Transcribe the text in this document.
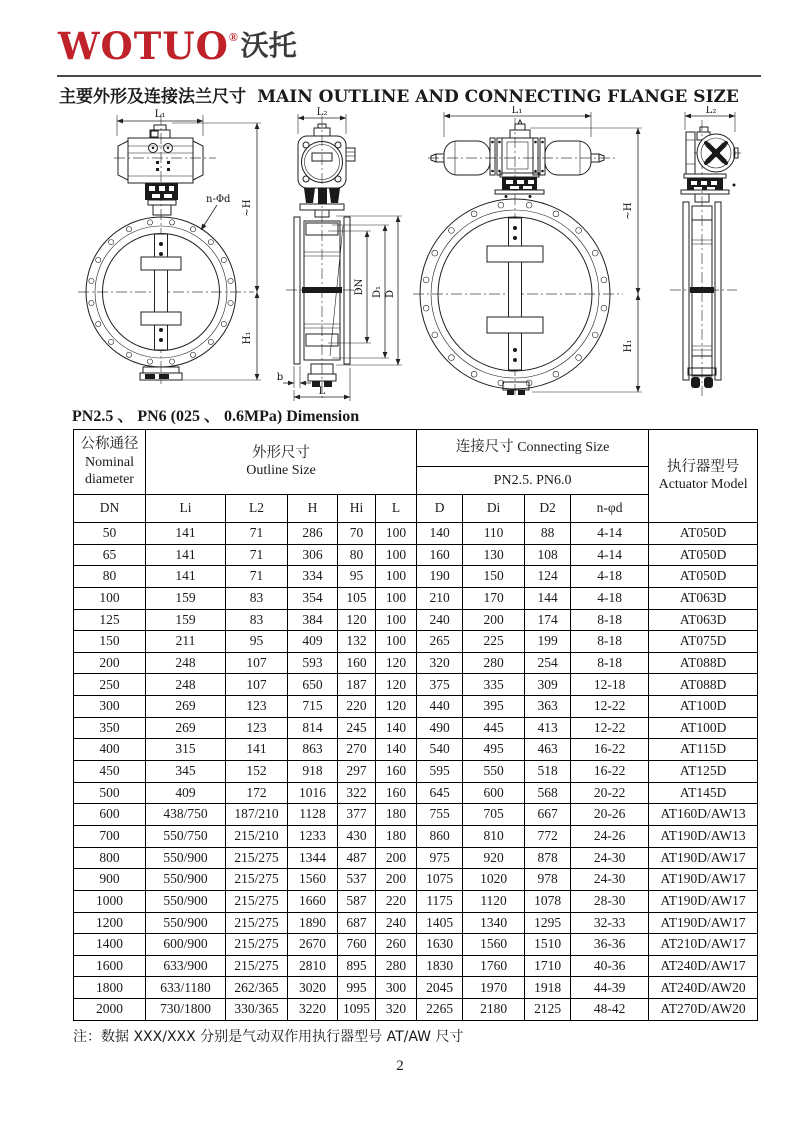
WOTUO® 沃托
主要外形及连接法兰尺寸 MAIN OUTLINE AND CONNECTING FLANGE SIZE
L₁
~H
H₁
n-Φd
L₂
DN D₁ D
b
L
L₁
~H
H₁
L₂
PN2.5 、 PN6 (025 、 0.6MPa) Dimension
公称通径
Nominal
diameter

外形尺寸
Outline Size
	连接尺寸 Connecting Size	
执行器型号
Actuator Model

						PN2.5. PN6.0				
DN	Li	L2	H	Hi	L	D	Di	D2	n-φd	
50	141	71	286	70	100	140	110	88	4-14	AT050D
65	141	71	306	80	100	160	130	108	4-14	AT050D
80	141	71	334	95	100	190	150	124	4-18	AT050D
100	159	83	354	105	100	210	170	144	4-18	AT063D
125	159	83	384	120	100	240	200	174	8-18	AT063D
150	211	95	409	132	100	265	225	199	8-18	AT075D
200	248	107	593	160	120	320	280	254	8-18	AT088D
250	248	107	650	187	120	375	335	309	12-18	AT088D
300	269	123	715	220	120	440	395	363	12-22	AT100D
350	269	123	814	245	140	490	445	413	12-22	AT100D
400	315	141	863	270	140	540	495	463	16-22	AT115D
450	345	152	918	297	160	595	550	518	16-22	AT125D
500	409	172	1016	322	160	645	600	568	20-22	AT145D
600	438/750	187/210	1128	377	180	755	705	667	20-26	AT160D/AW13
700	550/750	215/210	1233	430	180	860	810	772	24-26	AT190D/AW13
800	550/900	215/275	1344	487	200	975	920	878	24-30	AT190D/AW17
900	550/900	215/275	1560	537	200	1075	1020	978	24-30	AT190D/AW17
1000	550/900	215/275	1660	587	220	1175	1120	1078	28-30	AT190D/AW17
1200	550/900	215/275	1890	687	240	1405	1340	1295	32-33	AT190D/AW17
1400	600/900	215/275	2670	760	260	1630	1560	1510	36-36	AT210D/AW17
1600	633/900	215/275	2810	895	280	1830	1760	1710	40-36	AT240D/AW17
1800	633/1180	262/365	3020	995	300	2045	1970	1918	44-39	AT240D/AW20
2000	730/1800	330/365	3220	1095	320	2265	2180	2125	48-42	AT270D/AW20
注：数据 XXX/XXX 分别是气动双作用执行器型号 AT/AW 尺寸
2
